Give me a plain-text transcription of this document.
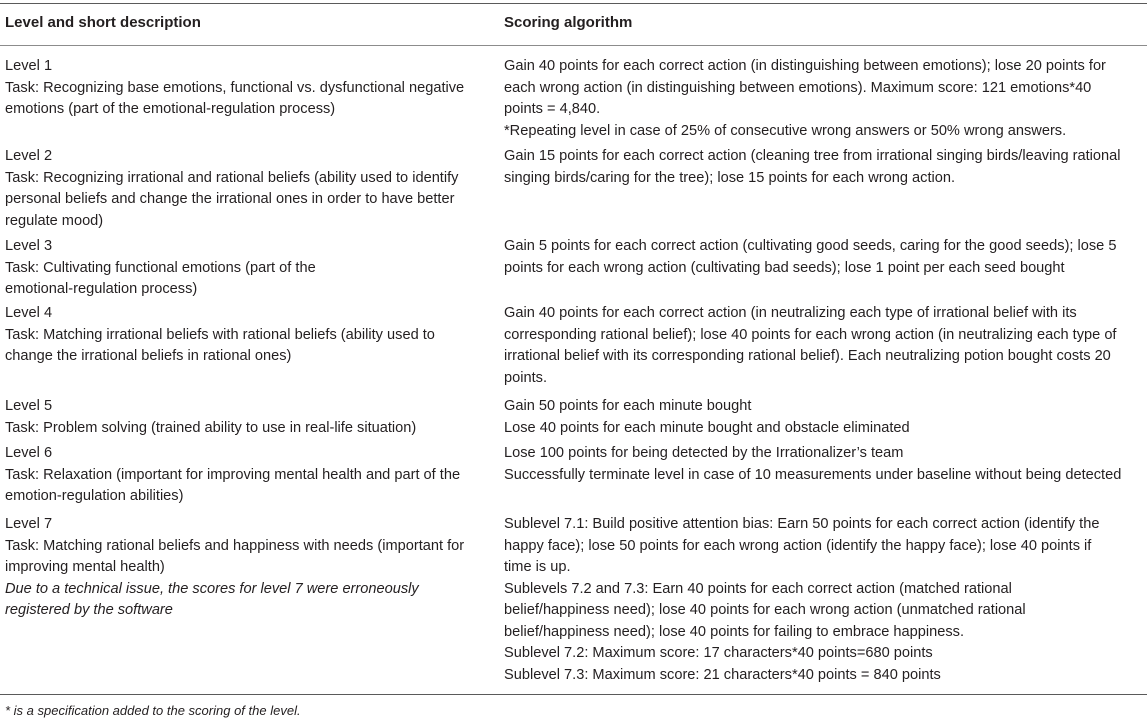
Level and short description	Scoring algorithm
Level 1
Task: Recognizing base emotions, functional vs. dysfunctional negative
emotions (part of the emotional-regulation process)
Gain 40 points for each correct action (in distinguishing between emotions); lose 20 points for
each wrong action (in distinguishing between emotions). Maximum score: 121 emotions*40
points = 4,840.
*Repeating level in case of 25% of consecutive wrong answers or 50% wrong answers.
Level 2
Task: Recognizing irrational and rational beliefs (ability used to identify
personal beliefs and change the irrational ones in order to have better
regulate mood)
Gain 15 points for each correct action (cleaning tree from irrational singing birds/leaving rational
singing birds/caring for the tree); lose 15 points for each wrong action.
Level 3
Task: Cultivating functional emotions (part of the
emotional-regulation process)
Gain 5 points for each correct action (cultivating good seeds, caring for the good seeds); lose 5
points for each wrong action (cultivating bad seeds); lose 1 point per each seed bought
Level 4
Task: Matching irrational beliefs with rational beliefs (ability used to
change the irrational beliefs in rational ones)
Gain 40 points for each correct action (in neutralizing each type of irrational belief with its
corresponding rational belief); lose 40 points for each wrong action (in neutralizing each type of
irrational belief with its corresponding rational belief). Each neutralizing potion bought costs 20
points.
Level 5
Task: Problem solving (trained ability to use in real-life situation)
Gain 50 points for each minute bought
Lose 40 points for each minute bought and obstacle eliminated
Level 6
Task: Relaxation (important for improving mental health and part of the
emotion-regulation abilities)
Lose 100 points for being detected by the Irrationalizer’s team
Successfully terminate level in case of 10 measurements under baseline without being detected
Level 7
Task: Matching rational beliefs and happiness with needs (important for
improving mental health)
Due to a technical issue, the scores for level 7 were erroneously
registered by the software
Sublevel 7.1: Build positive attention bias: Earn 50 points for each correct action (identify the
happy face); lose 50 points for each wrong action (identify the happy face); lose 40 points if
time is up.
Sublevels 7.2 and 7.3: Earn 40 points for each correct action (matched rational
belief/happiness need); lose 40 points for each wrong action (unmatched rational
belief/happiness need); lose 40 points for failing to embrace happiness.
Sublevel 7.2: Maximum score: 17 characters*40 points=680 points
Sublevel 7.3: Maximum score: 21 characters*40 points = 840 points
* is a specification added to the scoring of the level.
